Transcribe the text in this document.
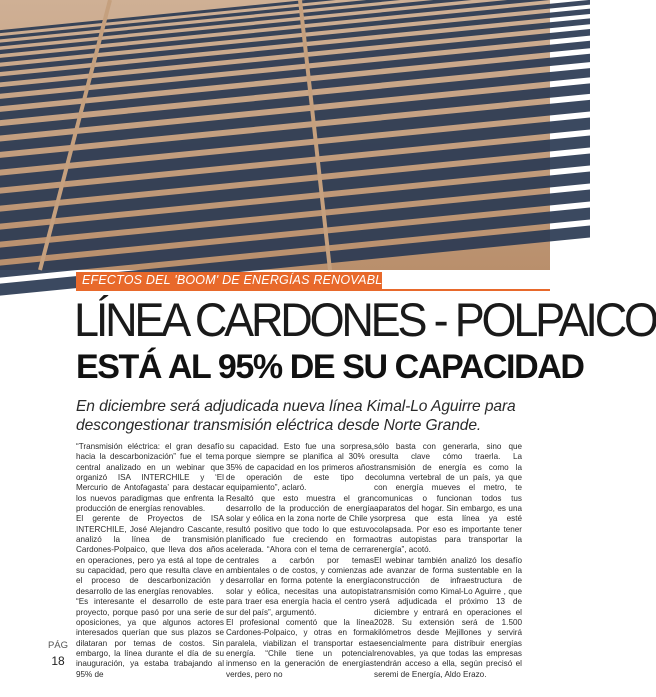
EFECTOS DEL 'BOOM' DE ENERGÍAS RENOVABLES
LÍNEA CARDONES - POLPAICO
ESTÁ AL 95% DE SU CAPACIDAD
En diciembre será adjudicada nueva línea Kimal-Lo Aguirre para descongestionar transmisión eléctrica desde Norte Grande.
“Transmisión eléctrica: el gran desafío hacia la descarbonización” fue el tema central analizado en un webinar que organizó ISA INTERCHILE y ‘El Mercurio de Antofagasta’ para destacar los nuevos paradigmas que enfrenta la producción de energías renovables.
El gerente de Proyectos de ISA INTERCHILE, José Alejandro Cascante, analizó la línea de transmisión Cardones-Polpaico, que lleva dos años en operaciones, pero ya está al tope de su capacidad, pero que resulta clave en el proceso de descarbonización y desarrollo de las energías renovables.
“Es interesante el desarrollo de este proyecto, porque pasó por una serie de oposiciones, ya que algunos actores interesados querían que sus plazos se dilataran por temas de costos. Sin embargo, la línea durante el día de su inauguración, ya estaba trabajando al 95% de
su capacidad. Esto fue una sorpresa, porque siempre se planifica al 30% o 35% de capacidad en los primeros años de operación de este tipo de equipamiento”, aclaró.
Resaltó que esto muestra el gran desarrollo de la producción de energía solar y eólica en la zona norte de Chile y resultó positivo que todo lo que estuvo planificado fue creciendo en forma acelerada. “Ahora con el tema de cerrar centrales a carbón por temas ambientales o de costos, y comienzas a desarrollar en forma potente la energía solar y eólica, necesitas una autopista para traer esa energía hacia el centro y sur del país”, argumentó.
El profesional comentó que la línea Cardones-Polpaico, y otras en forma paralela, viabilizan el transportar esta energía. “Chile tiene un potencial inmenso en la generación de energías verdes, pero no
sólo basta con generarla, sino que resulta clave cómo traerla. La transmisión de energía es como la columna vertebral de un país, ya que con energía mueves el metro, te comunicas o funcionan todos tus aparatos del hogar. Sin embargo, es una sorpresa que esta línea ya esté colapsada. Por eso es importante tener otras autopistas para transportar la energía”, acotó.
El webinar también analizó los desafío de avanzar de forma sustentable en la construcción de infraestructura de transmisión como Kimal-Lo Aguirre , que será adjudicada el próximo 13 de diciembre y entrará en operaciones el 2028. Su extensión será de 1.500 kilómetros desde Mejillones y servirá esencialmente para distribuir energías renovables, ya que todas las empresas tendrán acceso a ella, según precisó el seremi de Energía, Aldo Erazo.
PÁG
18
